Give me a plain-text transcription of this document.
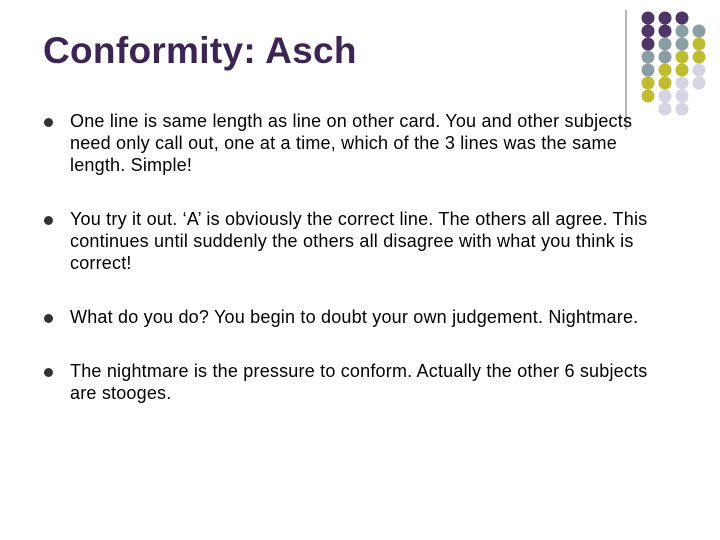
Conformity: Asch
One line is same length as line on other card. You and other subjects need only call out, one at a time, which of the 3 lines was the same length. Simple!
You try it out. ‘A’ is obviously the correct line. The others all agree. This continues until suddenly the others all disagree with what you think is correct!
What do you do? You begin to doubt your own judgement. Nightmare.
The nightmare is the pressure to conform. Actually the other 6 subjects are stooges.
